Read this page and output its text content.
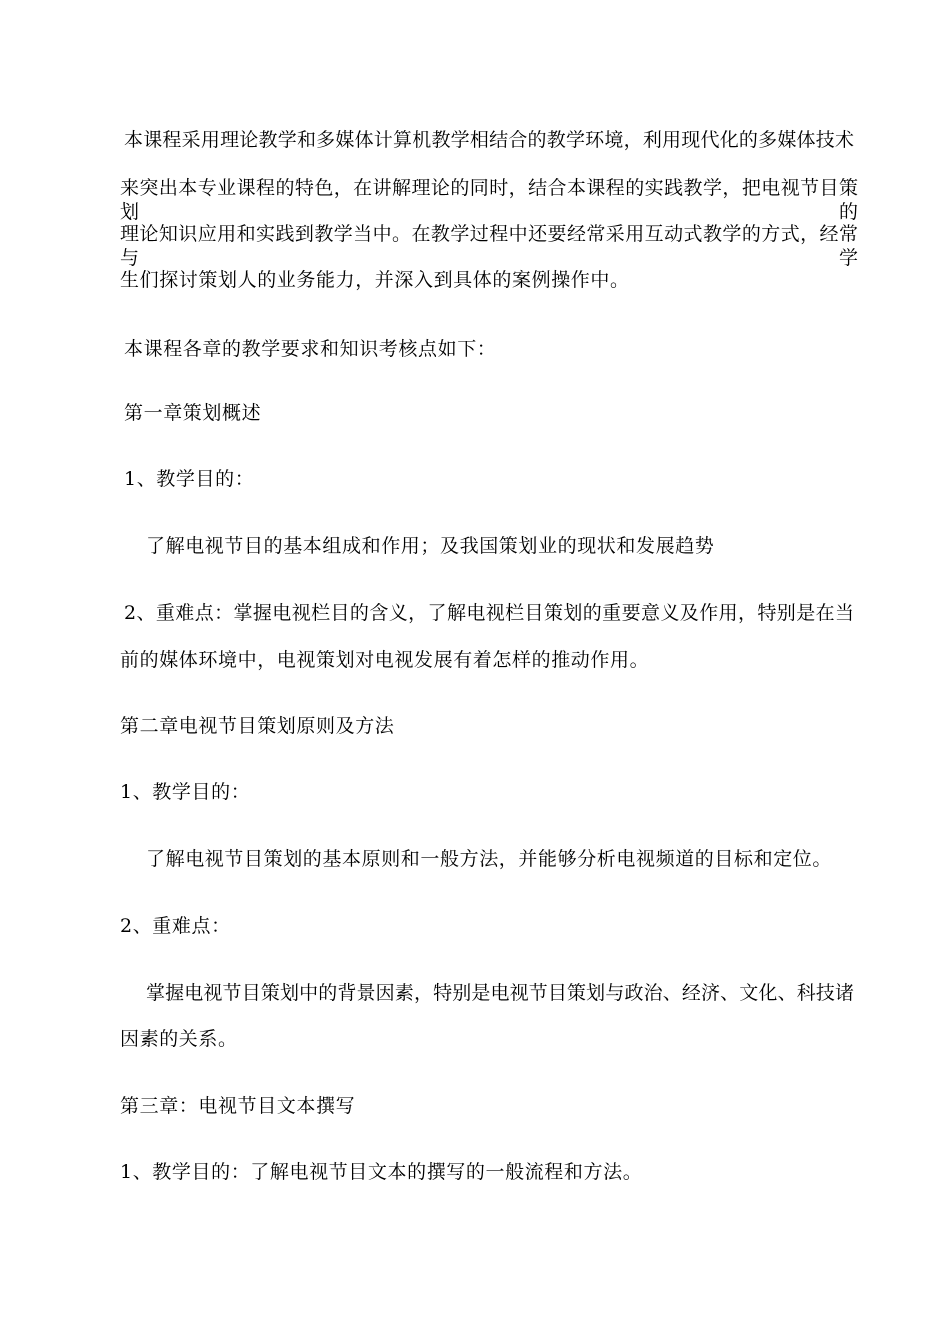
本课程采用理论教学和多媒体计算机教学相结合的教学环境，利用现代化的多媒体技术
来突出本专业课程的特色，在讲解理论的同时，结合本课程的实践教学，把电视节目策划的
理论知识应用和实践到教学当中。在教学过程中还要经常采用互动式教学的方式，经常与学
生们探讨策划人的业务能力，并深入到具体的案例操作中。
本课程各章的教学要求和知识考核点如下：
第一章策划概述
1、教学目的：
了解电视节目的基本组成和作用；及我国策划业的现状和发展趋势
2、重难点：掌握电视栏目的含义，了解电视栏目策划的重要意义及作用，特别是在当
前的媒体环境中，电视策划对电视发展有着怎样的推动作用。
第二章电视节目策划原则及方法
1、教学目的：
了解电视节目策划的基本原则和一般方法，并能够分析电视频道的目标和定位。
2、重难点：
掌握电视节目策划中的背景因素，特别是电视节目策划与政治、经济、文化、科技诸
因素的关系。
第三章：电视节目文本撰写
1、教学目的：了解电视节目文本的撰写的一般流程和方法。
